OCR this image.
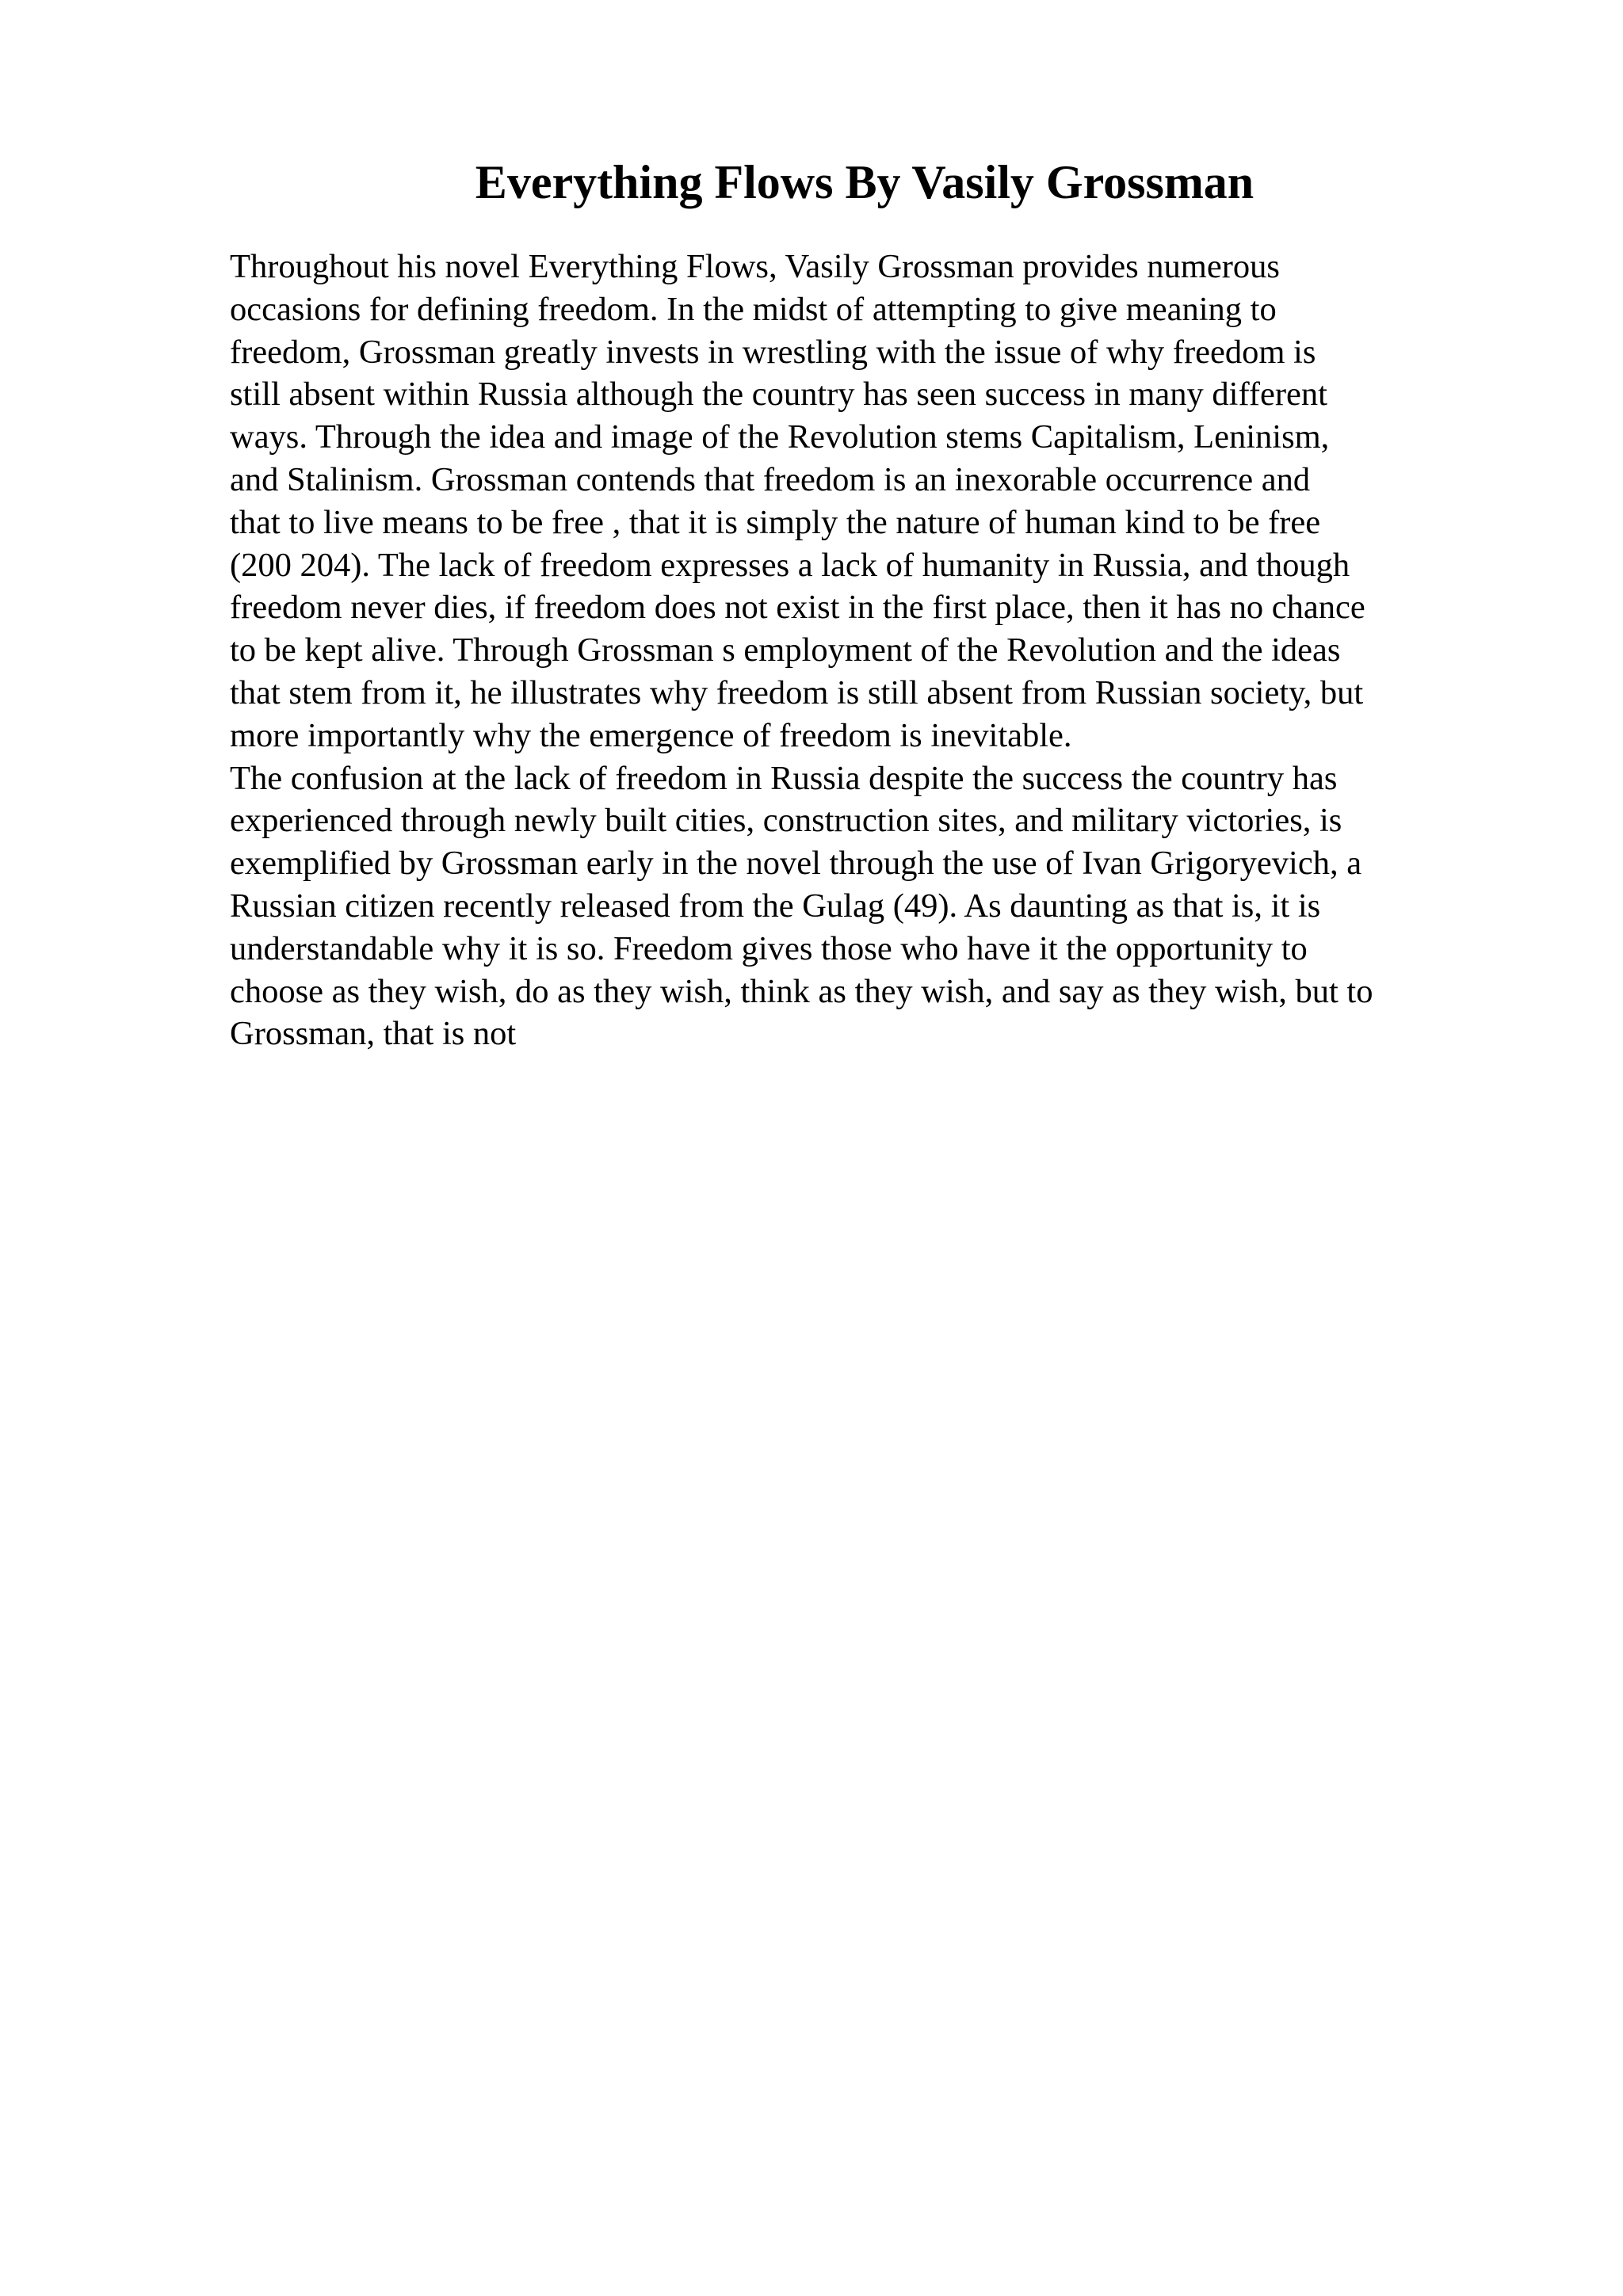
Everything Flows By Vasily Grossman
Throughout his novel Everything Flows, Vasily Grossman provides numerous
occasions for defining freedom. In the midst of attempting to give meaning to
freedom, Grossman greatly invests in wrestling with the issue of why freedom is
still absent within Russia although the country has seen success in many different
ways. Through the idea and image of the Revolution stems Capitalism, Leninism,
and Stalinism. Grossman contends that freedom is an inexorable occurrence and
that to live means to be free , that it is simply the nature of human kind to be free
(200 204). The lack of freedom expresses a lack of humanity in Russia, and though
freedom never dies, if freedom does not exist in the first place, then it has no chance
to be kept alive. Through Grossman s employment of the Revolution and the ideas
that stem from it, he illustrates why freedom is still absent from Russian society, but
more importantly why the emergence of freedom is inevitable.
The confusion at the lack of freedom in Russia despite the success the country has
experienced through newly built cities, construction sites, and military victories, is
exemplified by Grossman early in the novel through the use of Ivan Grigoryevich, a
Russian citizen recently released from the Gulag (49). As daunting as that is, it is
understandable why it is so. Freedom gives those who have it the opportunity to
choose as they wish, do as they wish, think as they wish, and say as they wish, but to
Grossman, that is not
